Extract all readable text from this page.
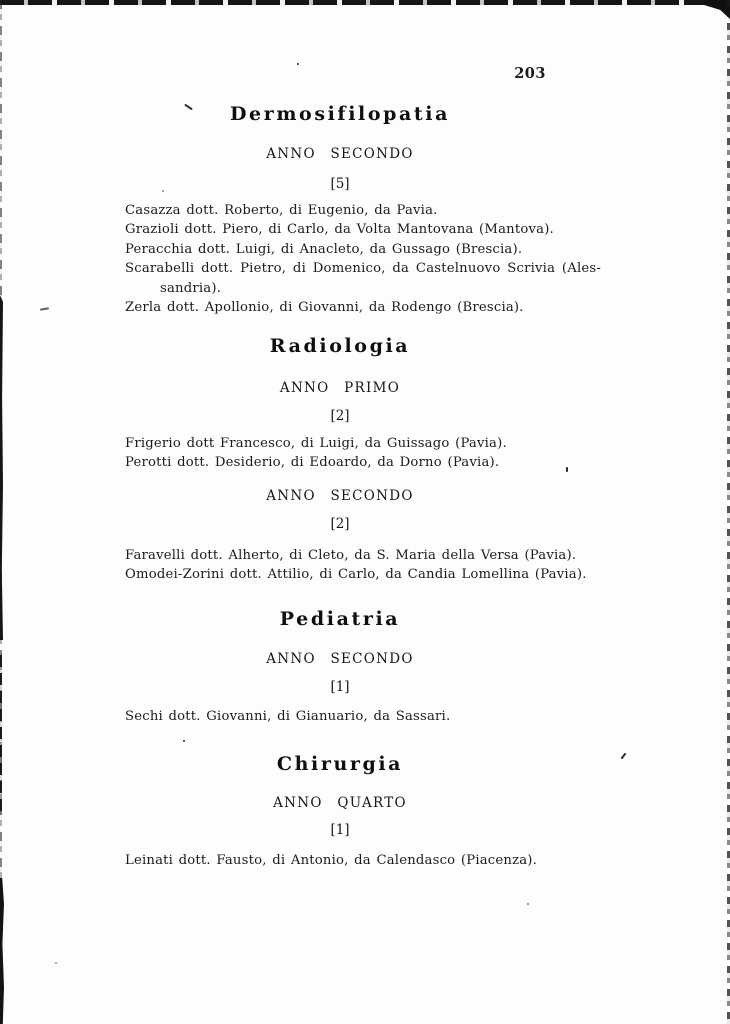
203
Dermosifilopatia
ANNO SECONDO
[5]
Casazza dott. Roberto, di Eugenio, da Pavia.
Grazioli dott. Piero, di Carlo, da Volta Mantovana (Mantova).
Peracchia dott. Luigi, di Anacleto, da Gussago (Brescia).
Scarabelli dott. Pietro, di Domenico, da Castelnuovo Scrivia (Ales-
sandria).
Zerla dott. Apollonio, di Giovanni, da Rodengo (Brescia).
Radiologia
ANNO PRIMO
[2]
Frigerio dott Francesco, di Luigi, da Guissago (Pavia).
Perotti dott. Desiderio, di Edoardo, da Dorno (Pavia).
ANNO SECONDO
[2]
Faravelli dott. Alherto, di Cleto, da S. Maria della Versa (Pavia).
Omodei-Zorini dott. Attilio, di Carlo, da Candia Lomellina (Pavia).
Pediatria
ANNO SECONDO
[1]
Sechi dott. Giovanni, di Gianuario, da Sassari.
Chirurgia
ANNO QUARTO
[1]
Leinati dott. Fausto, di Antonio, da Calendasco (Piacenza).
